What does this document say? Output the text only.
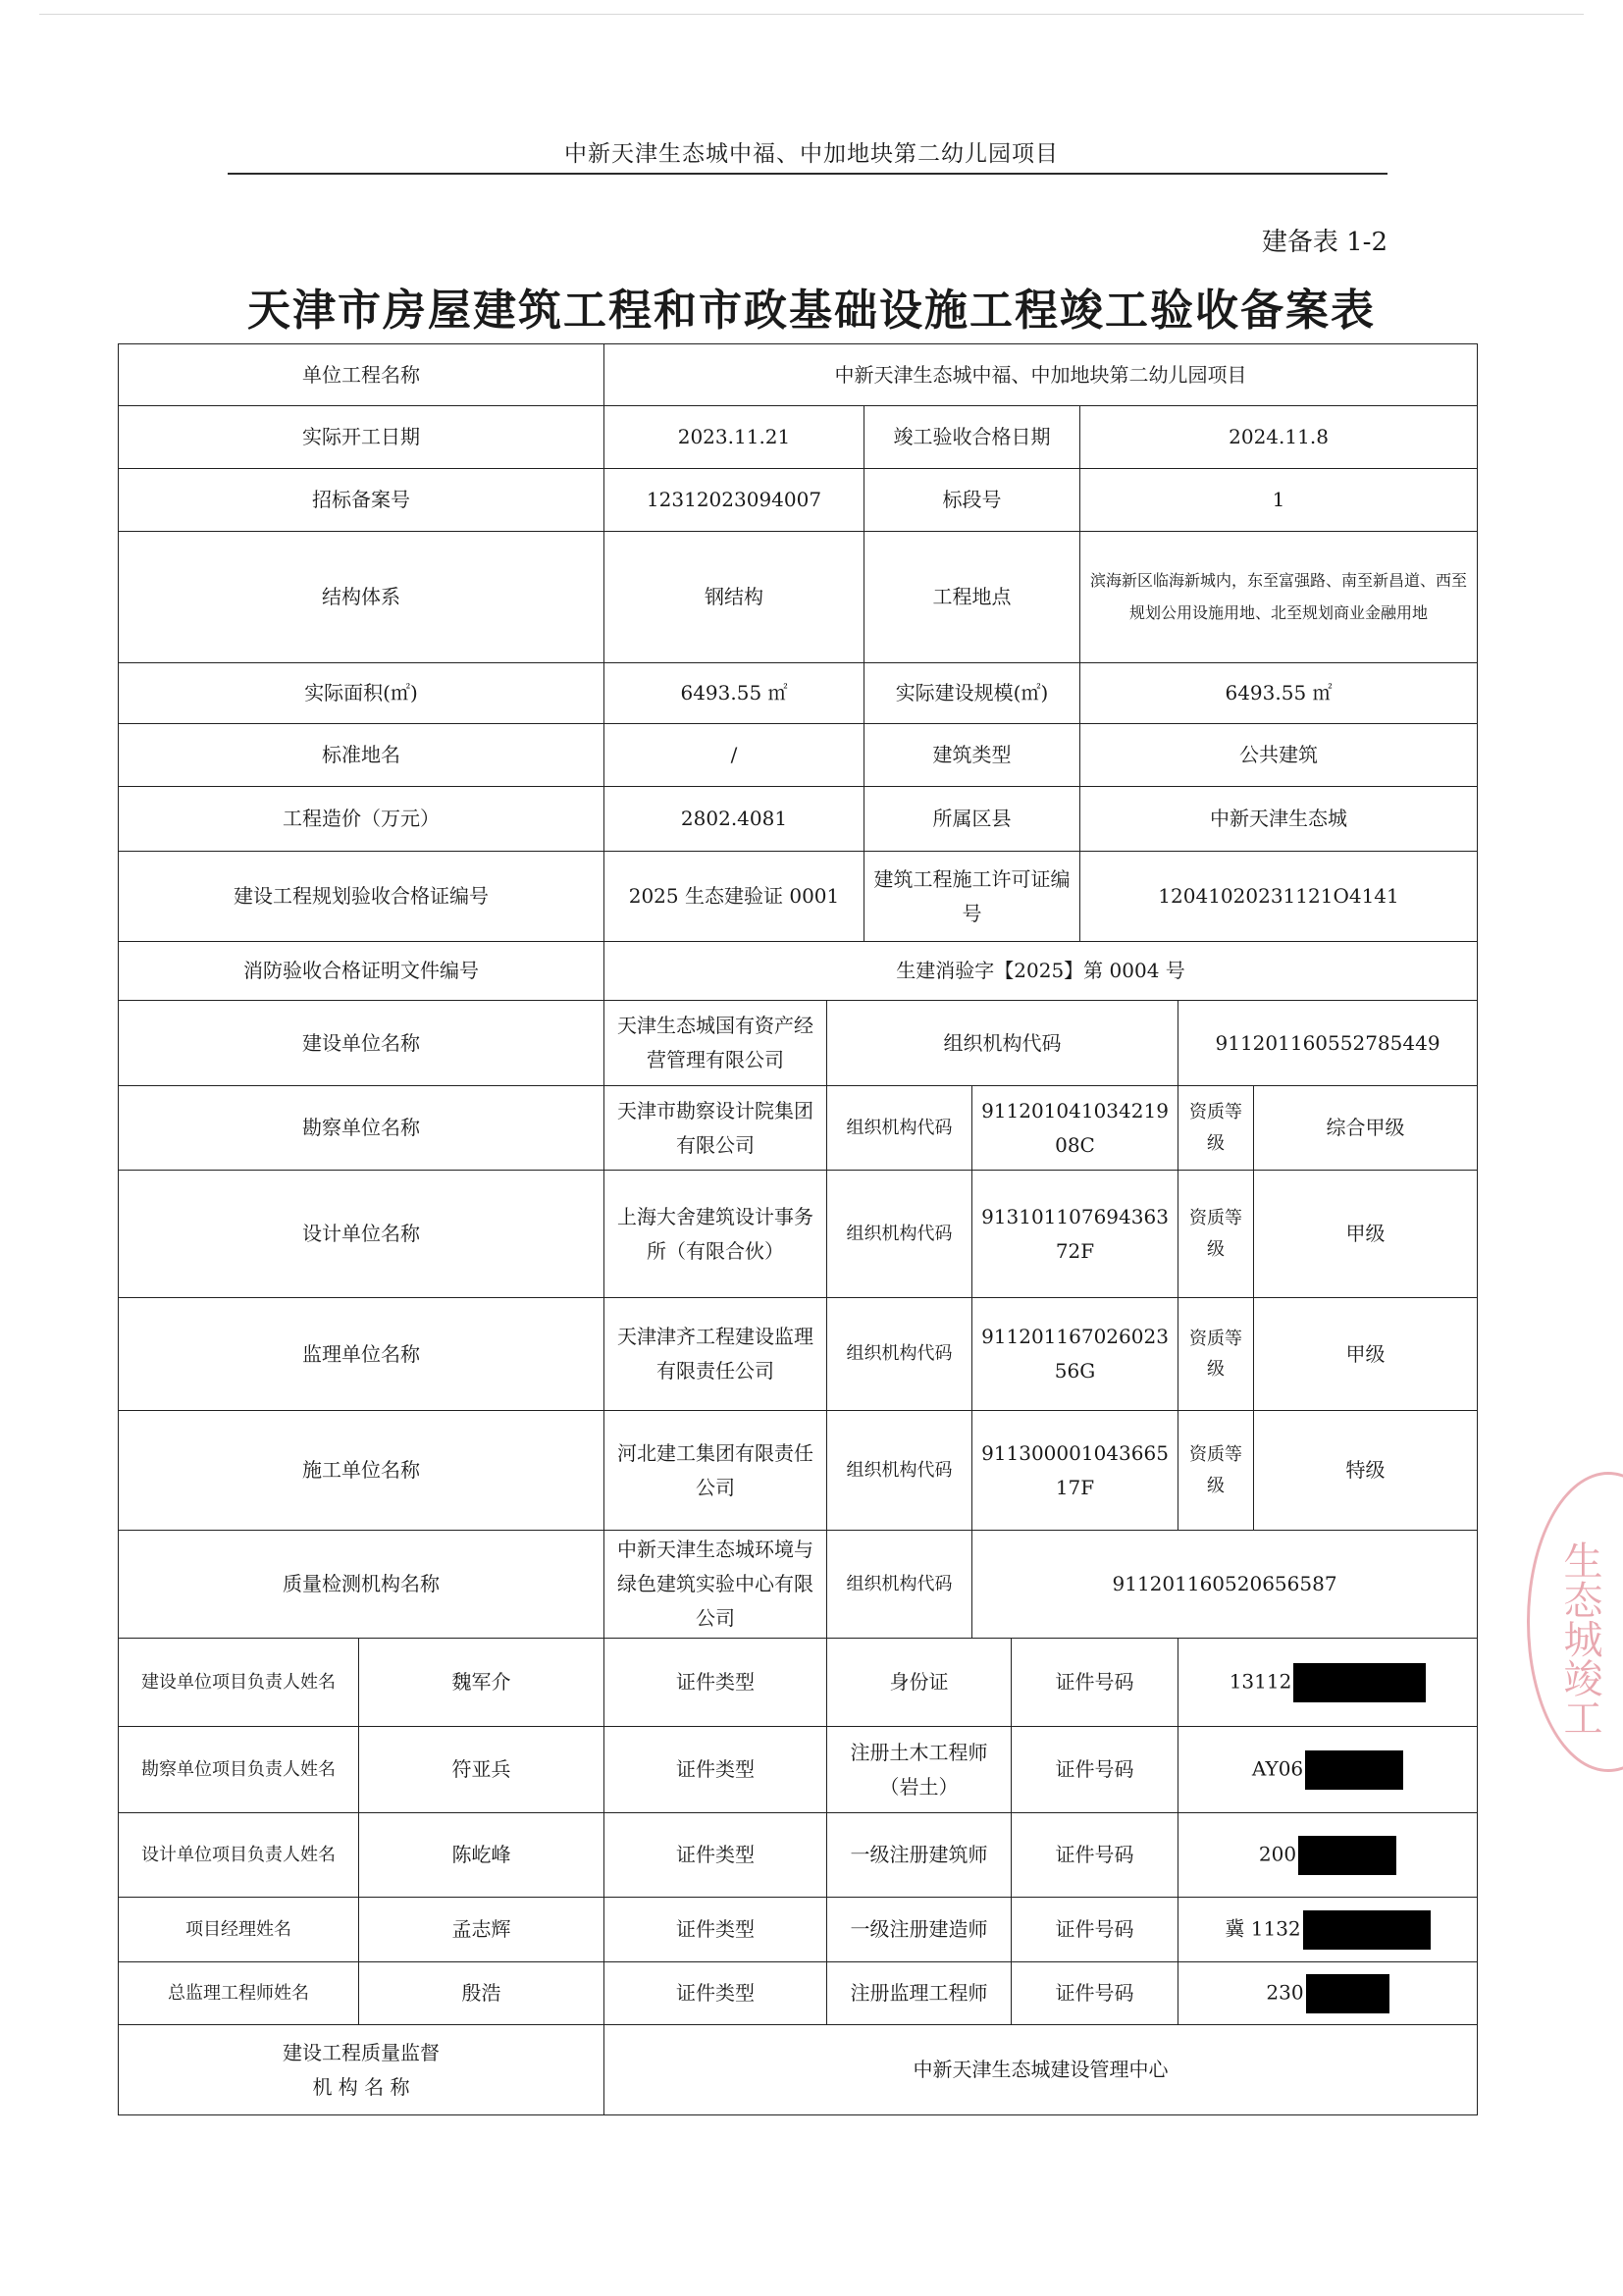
中新天津生态城中福、中加地块第二幼儿园项目
建备表 1-2
天津市房屋建筑工程和市政基础设施工程竣工验收备案表
单位工程名称		中新天津生态城中福、中加地块第二幼儿园项目							
实际开工日期		2023.11.21		竣工验收合格日期			2024.11.8		
招标备案号		12312023094007		标段号			1		
结构体系		钢结构		工程地点			滨海新区临海新城内，东至富强路、南至新昌道、西至规划公用设施用地、北至规划商业金融用地		
实际面积(㎡)		6493.55 ㎡		实际建设规模(㎡)			6493.55 ㎡		
标准地名		/		建筑类型			公共建筑		
工程造价（万元）		2802.4081		所属区县			中新天津生态城		
建设工程规划验收合格证编号		2025 生态建验证 0001		建筑工程施工许可证编号			12041020231121O4141		
消防验收合格证明文件编号		生建消验字【2025】第 0004 号							
建设单位名称		天津生态城国有资产经营管理有限公司	组织机构代码					911201160552785449	
勘察单位名称		天津市勘察设计院集团有限公司	组织机构代码		91120104103421908C			资质等级	综合甲级
设计单位名称		上海大舍建筑设计事务所（有限合伙）	组织机构代码		91310110769436372F			资质等级	甲级
监理单位名称		天津津齐工程建设监理有限责任公司	组织机构代码		91120116702602356G			资质等级	甲级
施工单位名称		河北建工集团有限责任公司	组织机构代码		91130000104366517F			资质等级	特级
质量检测机构名称		中新天津生态城环境与绿色建筑实验中心有限公司	组织机构代码		911201160520656587				
建设单位项目负责人姓名	魏军介	证件类型	身份证			证件号码		13112	
勘察单位项目负责人姓名	符亚兵	证件类型	注册土木工程师（岩土）			证件号码		AY06	
设计单位项目负责人姓名	陈屹峰	证件类型	一级注册建筑师			证件号码		200	
项目经理姓名	孟志辉	证件类型	一级注册建造师			证件号码		冀 1132	
总监理工程师姓名	殷浩	证件类型	注册监理工程师			证件号码		230	

建设工程质量监督
机 构 名 称		中新天津生态城建设管理中心							
生态城竣工
